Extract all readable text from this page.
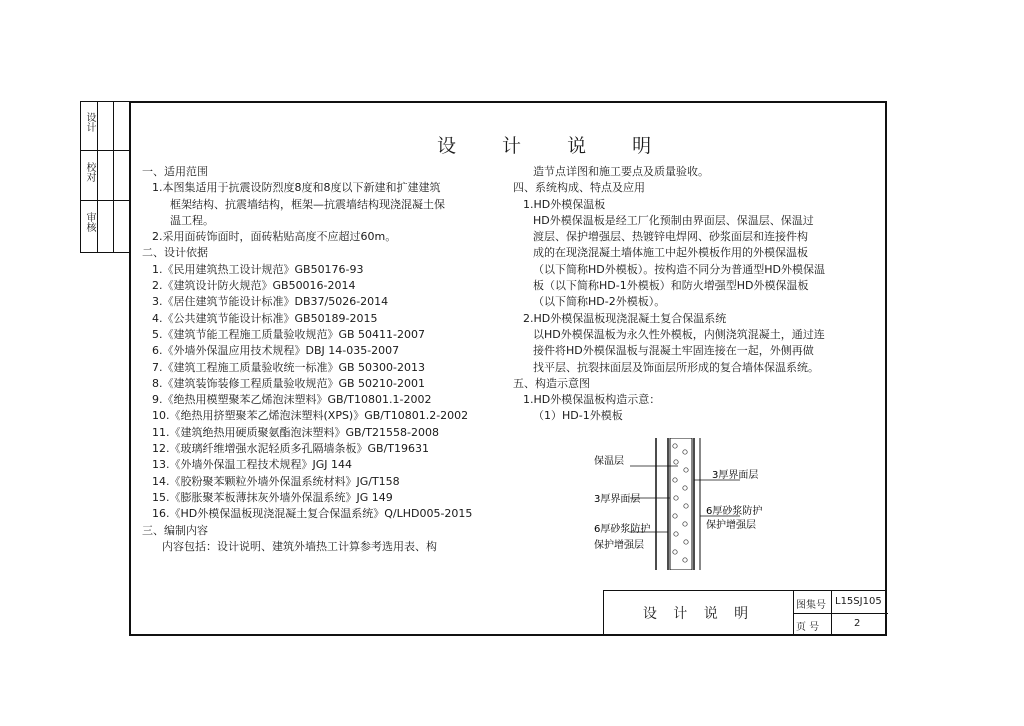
设计
校对
审核
设 计 说 明
一、适用范围
1.本图集适用于抗震设防烈度8度和8度以下新建和扩建建筑
框架结构、抗震墙结构，框架—抗震墙结构现浇混凝土保
温工程。
2.采用面砖饰面时，面砖粘贴高度不应超过60m。
二、设计依据
1.《民用建筑热工设计规范》GB50176-93
2.《建筑设计防火规范》GB50016-2014
3.《居住建筑节能设计标准》DB37/5026-2014
4.《公共建筑节能设计标准》GB50189-2015
5.《建筑节能工程施工质量验收规范》GB 50411-2007
6.《外墙外保温应用技术规程》DBJ 14-035-2007
7.《建筑工程施工质量验收统一标准》GB 50300-2013
8.《建筑装饰装修工程质量验收规范》GB 50210-2001
9.《绝热用模塑聚苯乙烯泡沫塑料》GB/T10801.1-2002
10.《绝热用挤塑聚苯乙烯泡沫塑料(XPS)》GB/T10801.2-2002
11.《建筑绝热用硬质聚氨酯泡沫塑料》GB/T21558-2008
12.《玻璃纤维增强水泥轻质多孔隔墙条板》GB/T19631
13.《外墙外保温工程技术规程》JGJ 144
14.《胶粉聚苯颗粒外墙外保温系统材料》JG/T158
15.《膨胀聚苯板薄抹灰外墙外保温系统》JG 149
16.《HD外模保温板现浇混凝土复合保温系统》Q/LHD005-2015
三、编制内容
内容包括：设计说明、建筑外墙热工计算参考选用表、构
造节点详图和施工要点及质量验收。
四、系统构成、特点及应用
1.HD外模保温板
HD外模保温板是经工厂化预制由界面层、保温层、保温过
渡层、保护增强层、热镀锌电焊网、砂浆面层和连接件构
成的在现浇混凝土墙体施工中起外模板作用的外模保温板
（以下简称HD外模板）。按构造不同分为普通型HD外模保温
板（以下简称HD-1外模板）和防火增强型HD外模保温板
（以下简称HD-2外模板）。
2.HD外模保温板现浇混凝土复合保温系统
以HD外模保温板为永久性外模板，内侧浇筑混凝土，通过连
接件将HD外模保温板与混凝土牢固连接在一起，外侧再做
找平层、抗裂抹面层及饰面层所形成的复合墙体保温系统。
五、构造示意图
1.HD外模保温板构造示意：
（1）HD-1外模板
保温层
3厚界面层
6厚砂浆防护
保护增强层
3厚界面层
6厚砂浆防护
保护增强层
设 计 说 明
图集号 L15SJ105
页 号	2
